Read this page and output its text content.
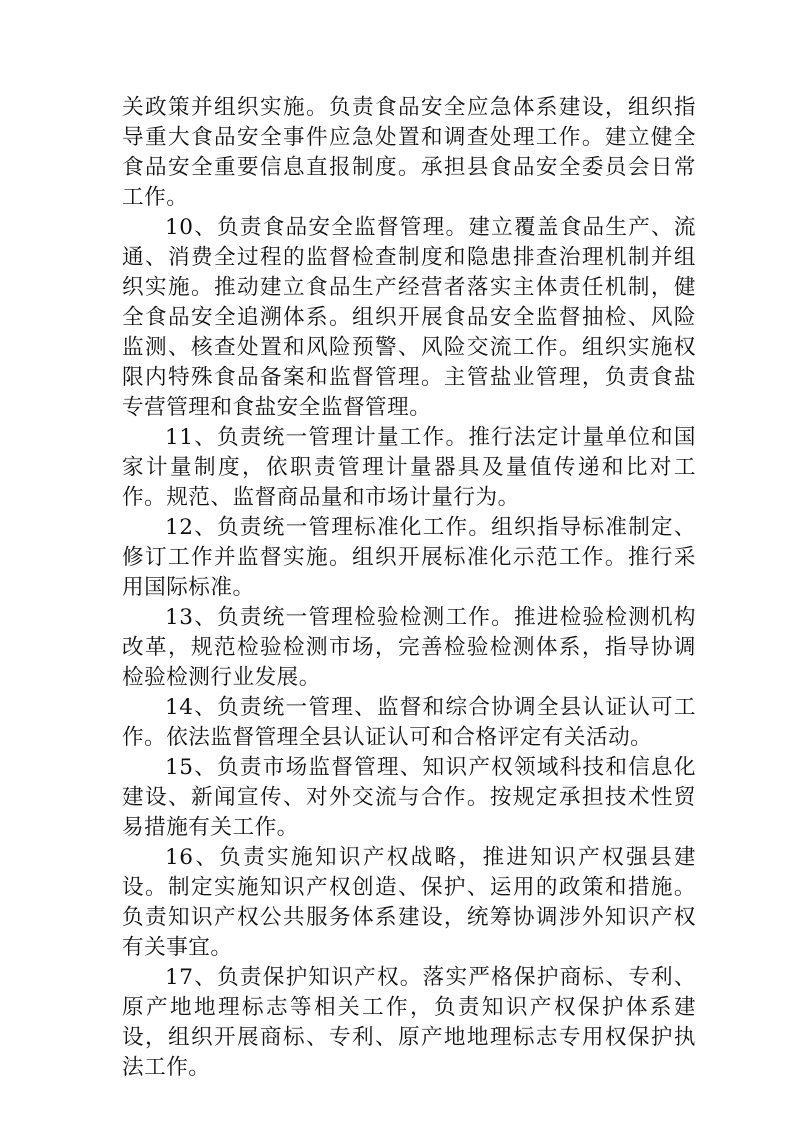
关政策并组织实施。负责食品安全应急体系建设，组织指导重大食品安全事件应急处置和调查处理工作。建立健全食品安全重要信息直报制度。承担县食品安全委员会日常工作。

10、负责食品安全监督管理。建立覆盖食品生产、流通、消费全过程的监督检查制度和隐患排查治理机制并组织实施。推动建立食品生产经营者落实主体责任机制，健全食品安全追溯体系。组织开展食品安全监督抽检、风险监测、核查处置和风险预警、风险交流工作。组织实施权限内特殊食品备案和监督管理。主管盐业管理，负责食盐专营管理和食盐安全监督管理。

11、负责统一管理计量工作。推行法定计量单位和国家计量制度，依职责管理计量器具及量值传递和比对工作。规范、监督商品量和市场计量行为。

12、负责统一管理标准化工作。组织指导标准制定、修订工作并监督实施。组织开展标准化示范工作。推行采用国际标准。

13、负责统一管理检验检测工作。推进检验检测机构改革，规范检验检测市场，完善检验检测体系，指导协调检验检测行业发展。

14、负责统一管理、监督和综合协调全县认证认可工作。依法监督管理全县认证认可和合格评定有关活动。

15、负责市场监督管理、知识产权领域科技和信息化建设、新闻宣传、对外交流与合作。按规定承担技术性贸易措施有关工作。

16、负责实施知识产权战略，推进知识产权强县建设。制定实施知识产权创造、保护、运用的政策和措施。负责知识产权公共服务体系建设，统筹协调涉外知识产权有关事宜。

17、负责保护知识产权。落实严格保护商标、专利、原产地地理标志等相关工作，负责知识产权保护体系建设，组织开展商标、专利、原产地地理标志专用权保护执法工作。
